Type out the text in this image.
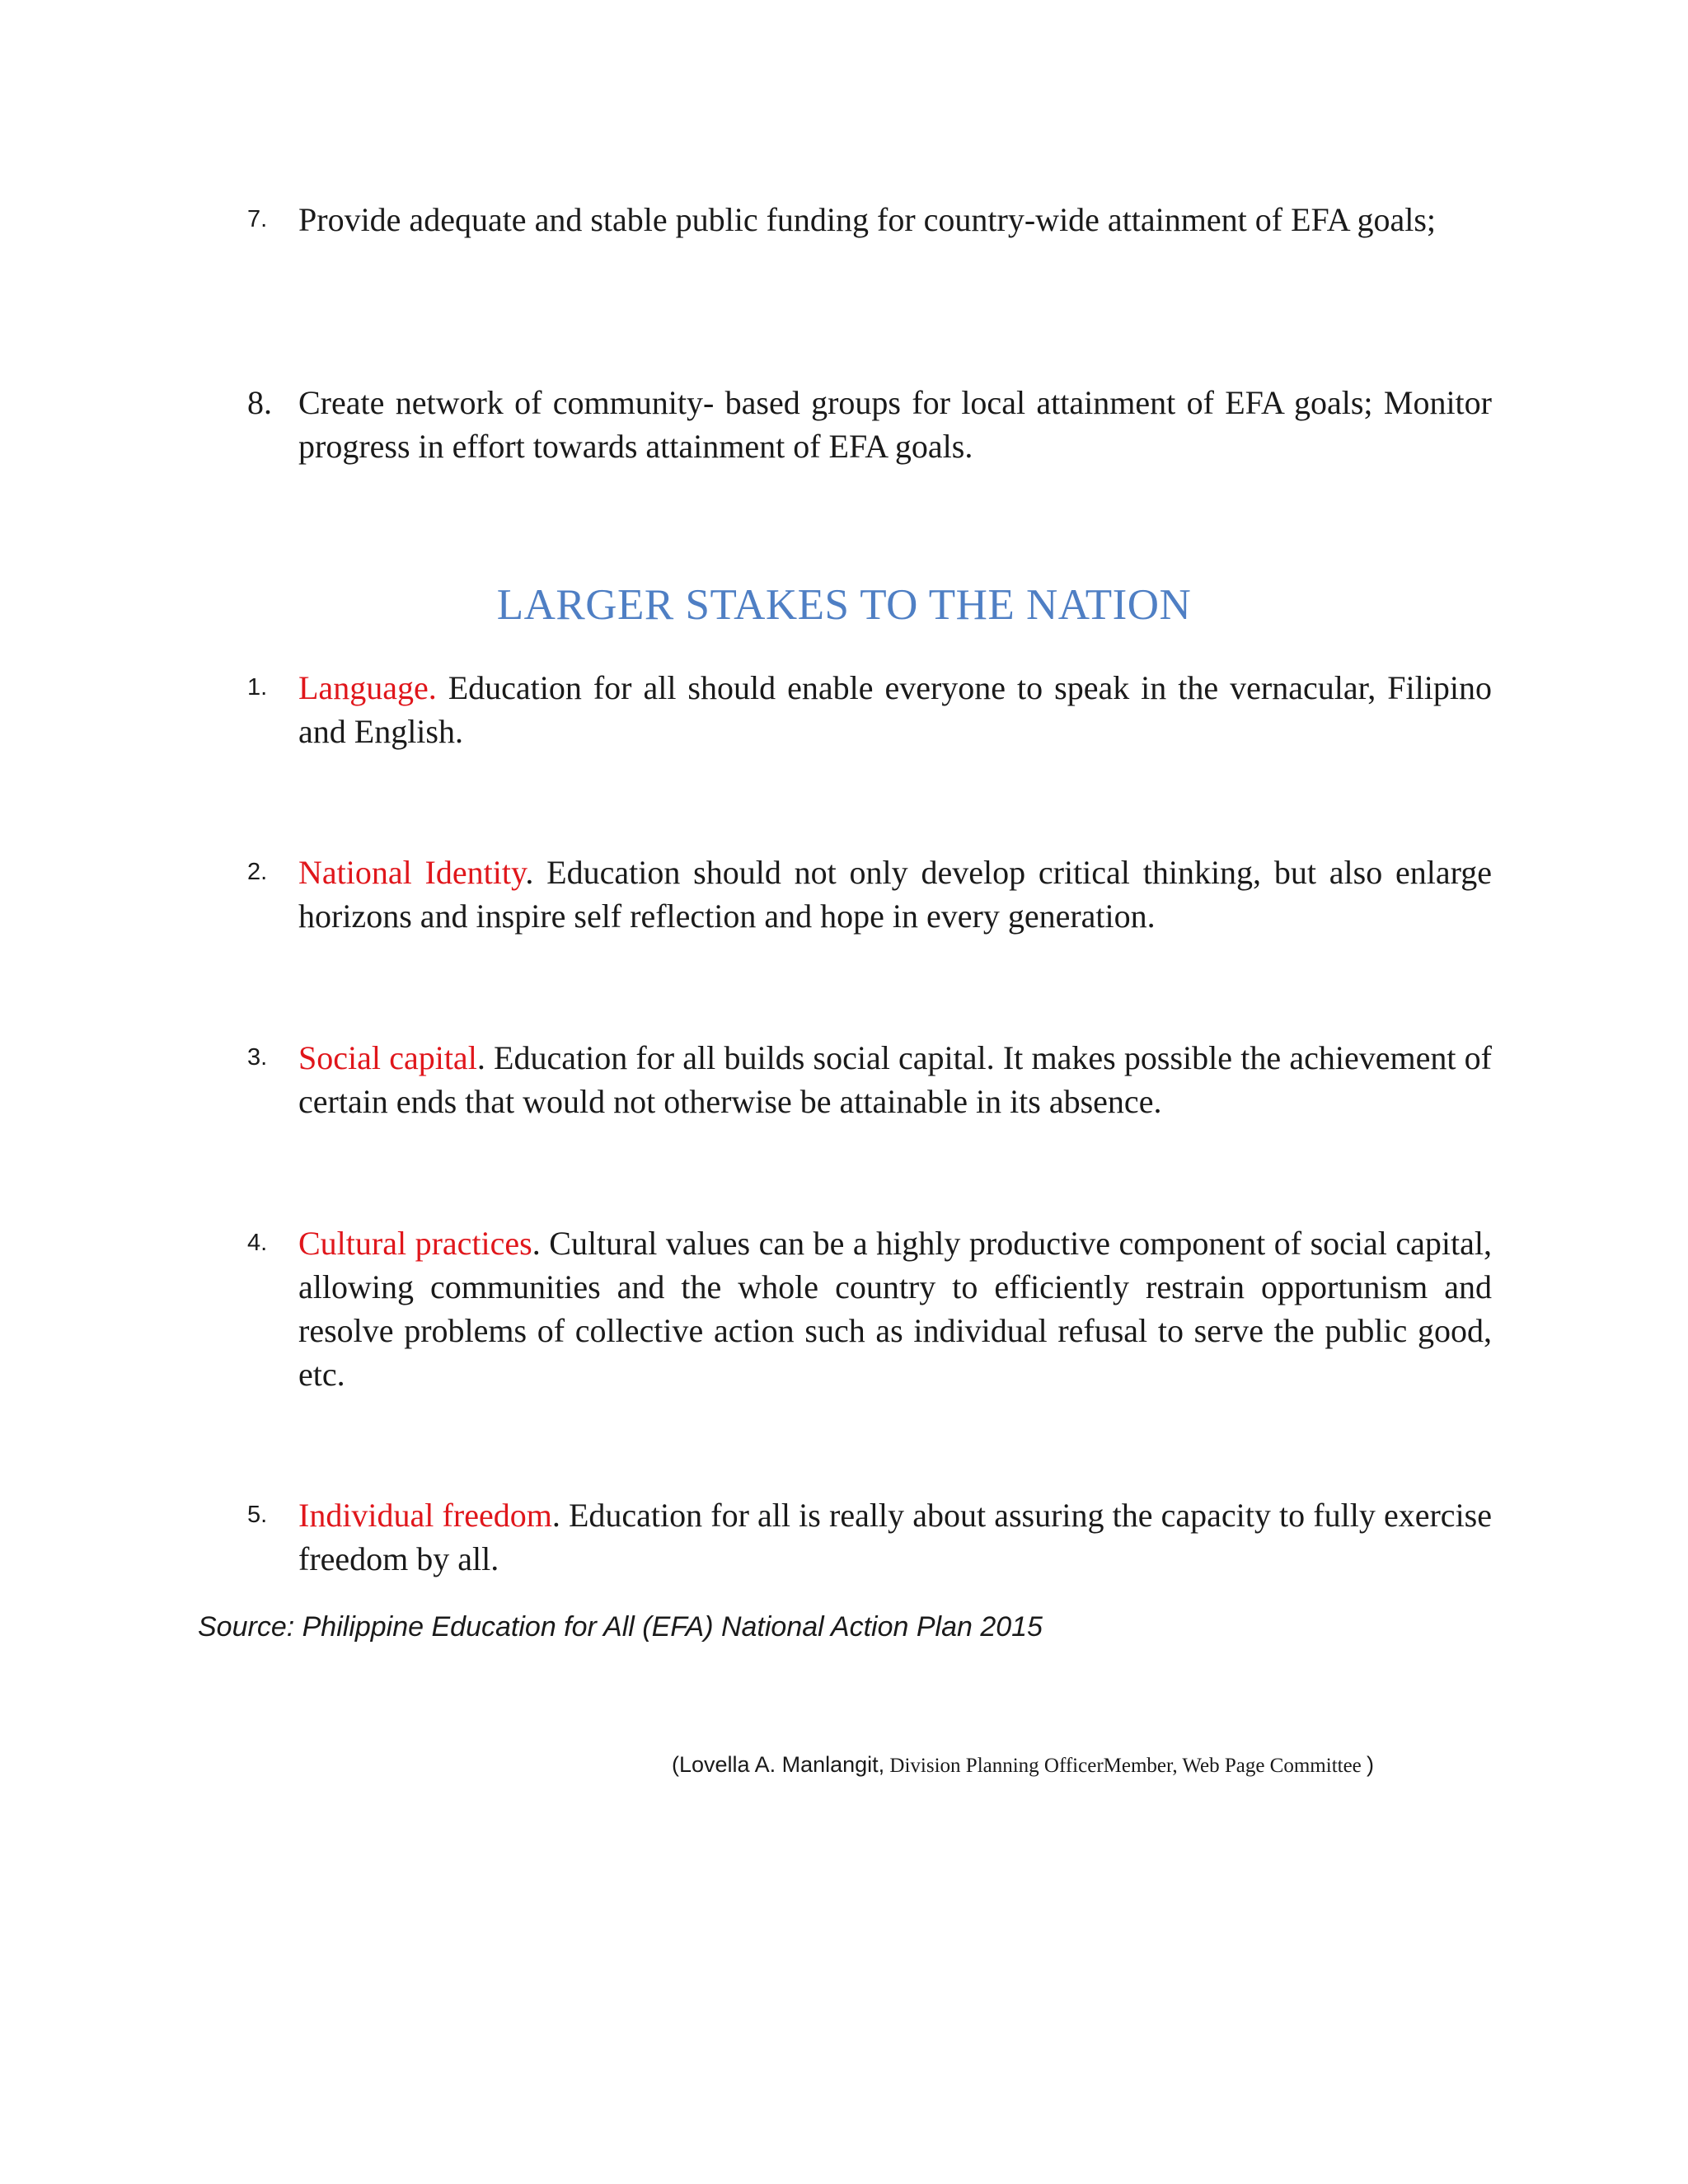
7. Provide adequate and stable public funding for country-wide attainment of EFA goals;
8. Create network of community- based groups for local attainment of EFA goals; Monitor progress in effort towards attainment of EFA goals.
LARGER STAKES TO THE NATION
1. Language. Education for all should enable everyone to speak in the vernacular, Filipino and English.
2. National Identity. Education should not only develop critical thinking, but also enlarge horizons and inspire self reflection and hope in every generation.
3. Social capital. Education for all builds social capital. It makes possible the achievement of certain ends that would not otherwise be attainable in its absence.
4. Cultural practices. Cultural values can be a highly productive component of social capital, allowing communities and the whole country to efficiently restrain opportunism and resolve problems of collective action such as individual refusal to serve the public good, etc.
5. Individual freedom. Education for all is really about assuring the capacity to fully exercise freedom by all.
Source: Philippine Education for All (EFA) National Action Plan 2015
(Lovella A. Manlangit, Division Planning OfficerMember, Web Page Committee )
